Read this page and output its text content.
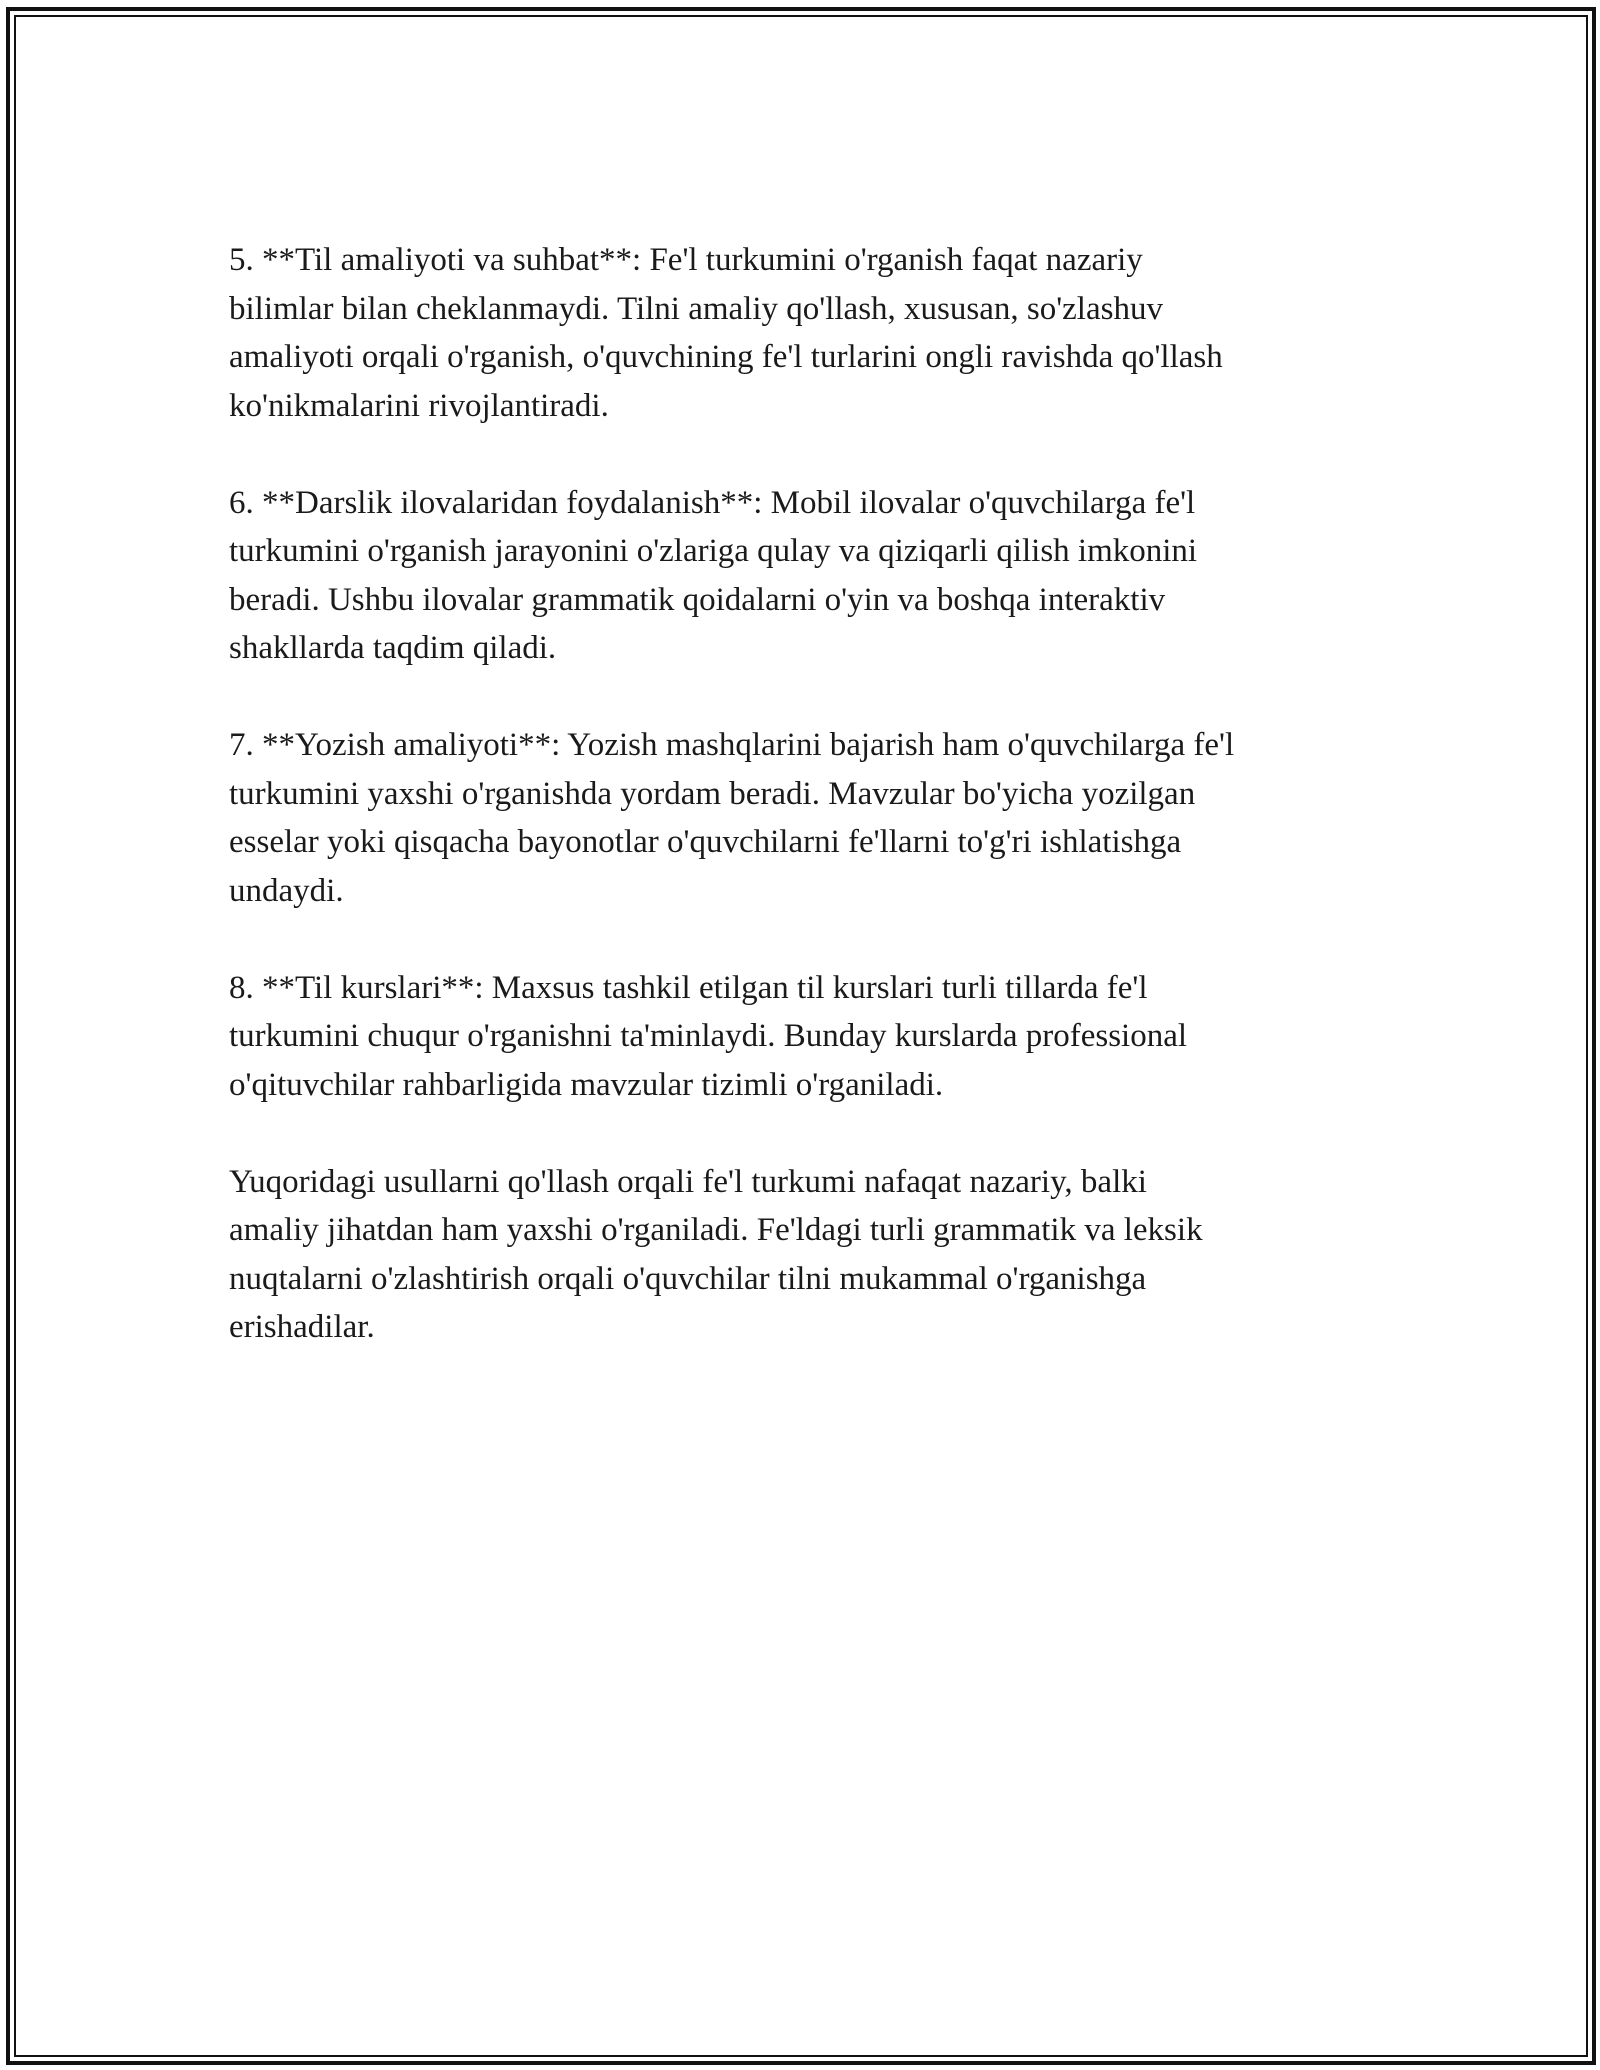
5. **Til amaliyoti va suhbat**: Fe'l turkumini o'rganish faqat nazariy
bilimlar bilan cheklanmaydi. Tilni amaliy qo'llash, xususan, so'zlashuv
amaliyoti orqali o'rganish, o'quvchining fe'l turlarini ongli ravishda qo'llash
ko'nikmalarini rivojlantiradi.

6. **Darslik ilovalaridan foydalanish**: Mobil ilovalar o'quvchilarga fe'l
turkumini o'rganish jarayonini o'zlariga qulay va qiziqarli qilish imkonini
beradi. Ushbu ilovalar grammatik qoidalarni o'yin va boshqa interaktiv
shakllarda taqdim qiladi.

7. **Yozish amaliyoti**: Yozish mashqlarini bajarish ham o'quvchilarga fe'l
turkumini yaxshi o'rganishda yordam beradi. Mavzular bo'yicha yozilgan
esselar yoki qisqacha bayonotlar o'quvchilarni fe'llarni to'g'ri ishlatishga
undaydi.

8. **Til kurslari**: Maxsus tashkil etilgan til kurslari turli tillarda fe'l
turkumini chuqur o'rganishni ta'minlaydi. Bunday kurslarda professional
o'qituvchilar rahbarligida mavzular tizimli o'rganiladi.

Yuqoridagi usullarni qo'llash orqali fe'l turkumi nafaqat nazariy, balki
amaliy jihatdan ham yaxshi o'rganiladi. Fe'ldagi turli grammatik va leksik
nuqtalarni o'zlashtirish orqali o'quvchilar tilni mukammal o'rganishga
erishadilar.
